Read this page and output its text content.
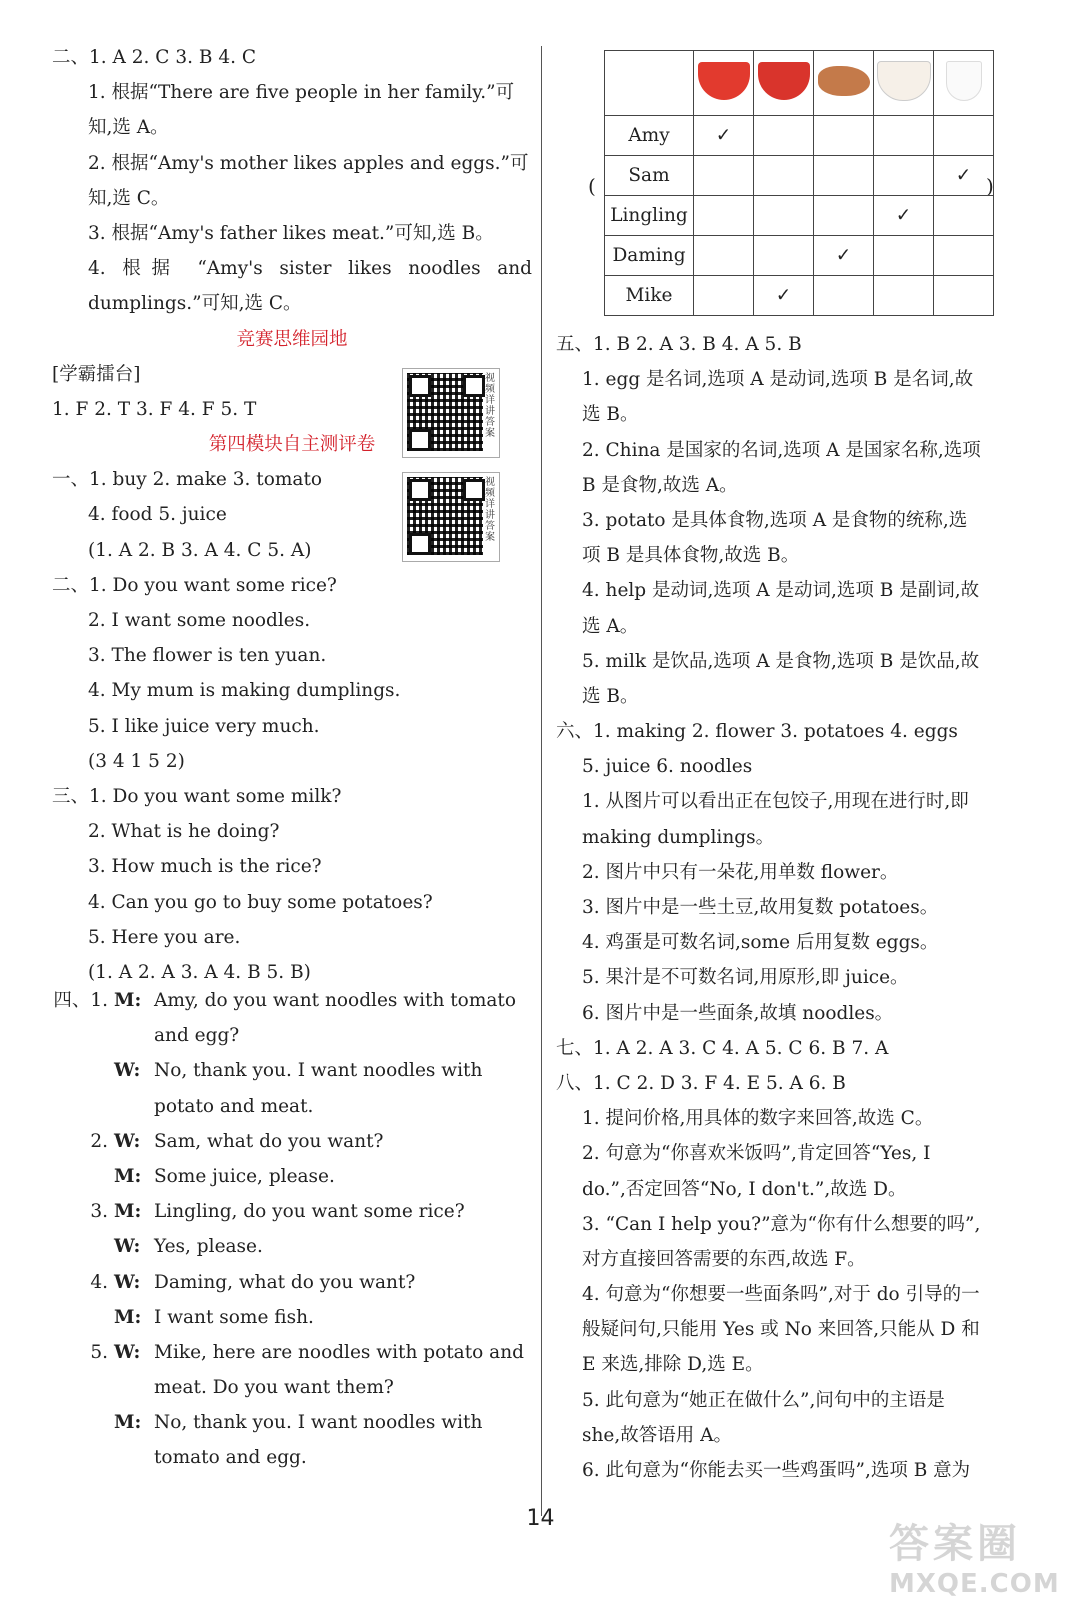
二、1. A 2. C 3. B 4. C
1. 根据“There are five people in her family.”可
知,选 A。
2. 根据“Amy's mother likes apples and eggs.”可
知,选 C。
3. 根据“Amy's father likes meat.”可知,选 B。
4. 根据 “Amy's sister likes noodles and
dumplings.”可知,选 C。
竞赛思维园地
[学霸擂台]
1. F 2. T 3. F 4. F 5. T
第四模块自主测评卷
一、1. buy 2. make 3. tomato
4. food 5. juice
(1. A 2. B 3. A 4. C 5. A)
二、1. Do you want some rice?
2. I want some noodles.
3. The flower is ten yuan.
4. My mum is making dumplings.
5. I like juice very much.
(3 4 1 5 2)
三、1. Do you want some milk?
2. What is he doing?
3. How much is the rice?
4. Can you go to buy some potatoes?
5. Here you are.
(1. A 2. A 3. A 4. B 5. B)
四、1. M: Amy, do you want noodles with tomato
and egg?
W: No, thank you. I want noodles with
potato and meat.
2. W: Sam, what do you want?
M: Some juice, please.
3. M: Lingling, do you want some rice?
W: Yes, please.
4. W: Daming, what do you want?
M: I want some fish.
5. W: Mike, here are noodles with potato and
meat. Do you want them?
M: No, thank you. I want noodles with
tomato and egg.
视频详讲答案
视频详讲答案
(	)

Amy	✓				
Sam					✓
Lingling				✓	
Daming			✓		
Mike		✓			
五、1. B 2. A 3. B 4. A 5. B
1. egg 是名词,选项 A 是动词,选项 B 是名词,故
选 B。
2. China 是国家的名词,选项 A 是国家名称,选项
B 是食物,故选 A。
3. potato 是具体食物,选项 A 是食物的统称,选
项 B 是具体食物,故选 B。
4. help 是动词,选项 A 是动词,选项 B 是副词,故
选 A。
5. milk 是饮品,选项 A 是食物,选项 B 是饮品,故
选 B。
六、1. making 2. flower 3. potatoes 4. eggs
5. juice 6. noodles
1. 从图片可以看出正在包饺子,用现在进行时,即
making dumplings。
2. 图片中只有一朵花,用单数 flower。
3. 图片中是一些土豆,故用复数 potatoes。
4. 鸡蛋是可数名词,some 后用复数 eggs。
5. 果汁是不可数名词,用原形,即 juice。
6. 图片中是一些面条,故填 noodles。
七、1. A 2. A 3. C 4. A 5. C 6. B 7. A
八、1. C 2. D 3. F 4. E 5. A 6. B
1. 提问价格,用具体的数字来回答,故选 C。
2. 句意为“你喜欢米饭吗”,肯定回答“Yes, I
do.”,否定回答“No, I don't.”,故选 D。
3. “Can I help you?”意为“你有什么想要的吗”,
对方直接回答需要的东西,故选 F。
4. 句意为“你想要一些面条吗”,对于 do 引导的一
般疑问句,只能用 Yes 或 No 来回答,只能从 D 和
E 来选,排除 D,选 E。
5. 此句意为“她正在做什么”,问句中的主语是
she,故答语用 A。
6. 此句意为“你能去买一些鸡蛋吗”,选项 B 意为
14
答案圈
MXQE.COM
